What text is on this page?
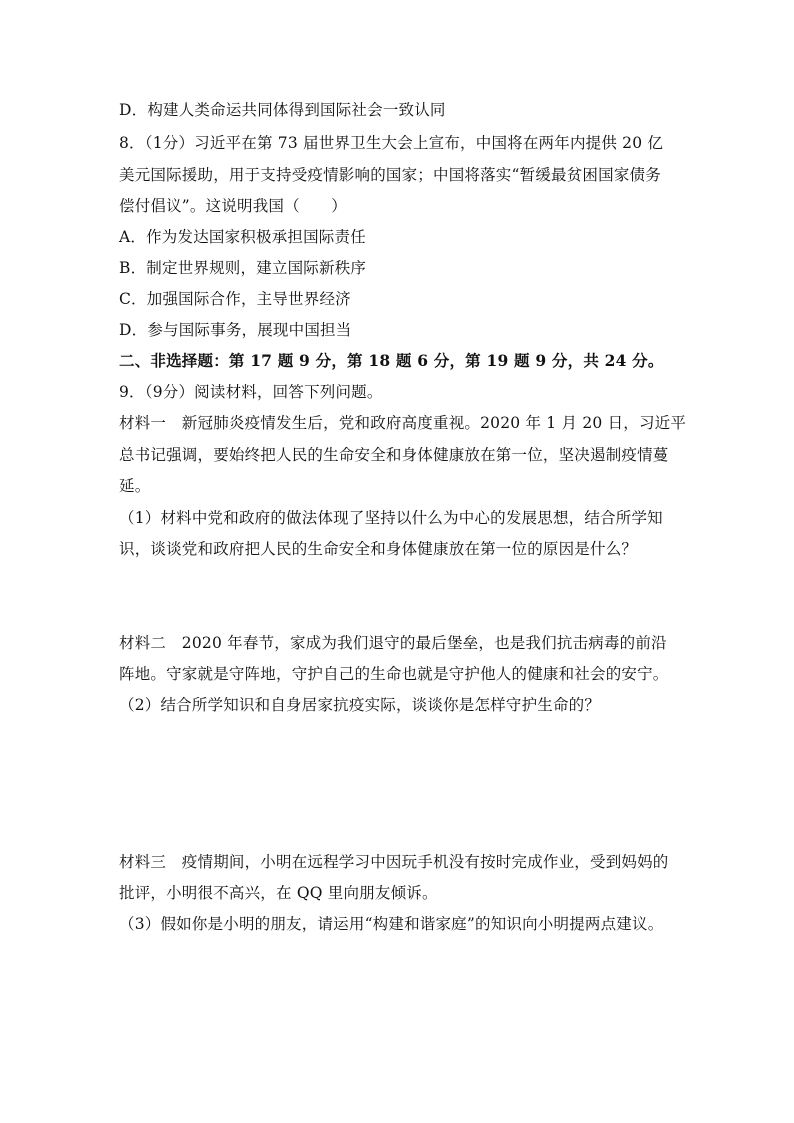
D．构建人类命运共同体得到国际社会一致认同
8．（1分）习近平在第 73 届世界卫生大会上宣布，中国将在两年内提供 20 亿
美元国际援助，用于支持受疫情影响的国家；中国将落实“暂缓最贫困国家债务
偿付倡议”。这说明我国（　　）
A．作为发达国家积极承担国际责任
B．制定世界规则，建立国际新秩序
C．加强国际合作，主导世界经济
D．参与国际事务，展现中国担当
二、非选择题：第 17 题 9 分，第 18 题 6 分，第 19 题 9 分，共 24 分。
9．（9分）阅读材料，回答下列问题。
材料一　新冠肺炎疫情发生后，党和政府高度重视。2020 年 1 月 20 日，习近平
总书记强调，要始终把人民的生命安全和身体健康放在第一位，坚决遏制疫情蔓
延。
（1）材料中党和政府的做法体现了坚持以什么为中心的发展思想，结合所学知
识，谈谈党和政府把人民的生命安全和身体健康放在第一位的原因是什么？
材料二　2020 年春节，家成为我们退守的最后堡垒，也是我们抗击病毒的前沿
阵地。守家就是守阵地，守护自己的生命也就是守护他人的健康和社会的安宁。
（2）结合所学知识和自身居家抗疫实际，谈谈你是怎样守护生命的？
材料三　疫情期间，小明在远程学习中因玩手机没有按时完成作业，受到妈妈的
批评，小明很不高兴，在 QQ 里向朋友倾诉。
（3）假如你是小明的朋友，请运用“构建和谐家庭”的知识向小明提两点建议。
